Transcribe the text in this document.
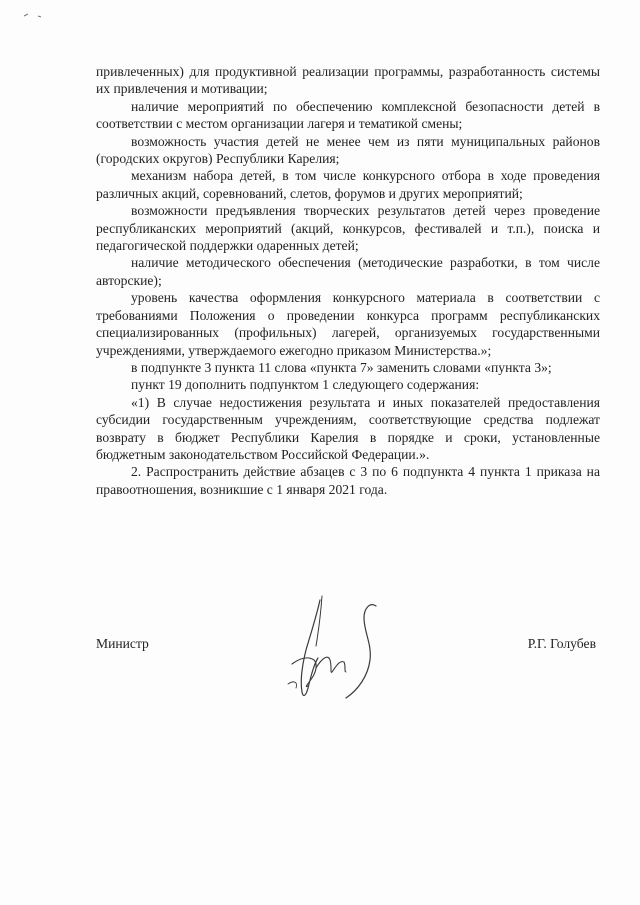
привлеченных) для продуктивной реализации программы, разработанность системы их привлечения и мотивации;

наличие мероприятий по обеспечению комплексной безопасности детей в соответствии с местом организации лагеря и тематикой смены;

возможность участия детей не менее чем из пяти муниципальных районов (городских округов) Республики Карелия;

механизм набора детей, в том числе конкурсного отбора в ходе проведения различных акций, соревнований, слетов, форумов и других мероприятий;

возможности предъявления творческих результатов детей через проведение республиканских мероприятий (акций, конкурсов, фестивалей и т.п.), поиска и педагогической поддержки одаренных детей;

наличие методического обеспечения (методические разработки, в том числе авторские);

уровень качества оформления конкурсного материала в соответствии с требованиями Положения о проведении конкурса программ республиканских специализированных (профильных) лагерей, организуемых государственными учреждениями, утверждаемого ежегодно приказом Министерства.»;

в подпункте 3 пункта 11 слова «пункта 7» заменить словами «пункта 3»;

пункт 19 дополнить подпунктом 1 следующего содержания:

«1) В случае недостижения результата и иных показателей предоставления субсидии государственным учреждениям, соответствующие средства подлежат возврату в бюджет Республики Карелия в порядке и сроки, установленные бюджетным законодательством Российской Федерации.».

2. Распространить действие абзацев с 3 по 6 подпункта 4 пункта 1 приказа на правоотношения, возникшие с 1 января 2021 года.

Министр	Р.Г. Голубев
